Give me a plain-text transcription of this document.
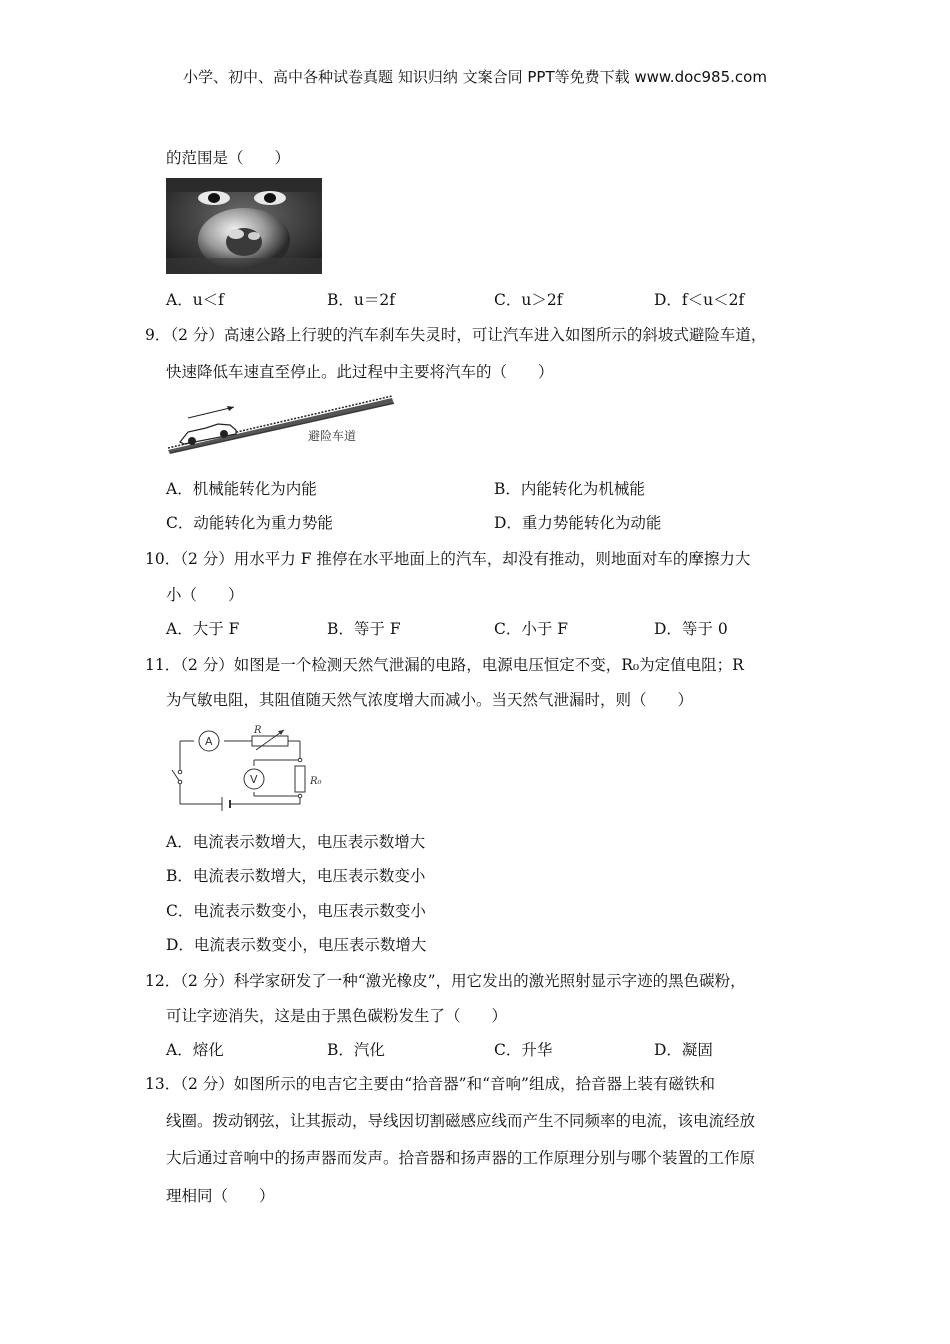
小学、初中、高中各种试卷真题 知识归纳 文案合同 PPT等免费下载 www.doc985.com
的范围是（　　）
A．u＜f	B．u＝2f	C．u＞2f	D．f＜u＜2f
9．（2 分）高速公路上行驶的汽车刹车失灵时，可让汽车进入如图所示的斜坡式避险车道，
快速降低车速直至停止。此过程中主要将汽车的（　　）
避险车道
A．机械能转化为内能	B．内能转化为机械能
C．动能转化为重力势能	D．重力势能转化为动能
10．（2 分）用水平力 F 推停在水平地面上的汽车，却没有推动，则地面对车的摩擦力大
小（　　）
A．大于 F	B．等于 F	C．小于 F	D．等于 0
11．（2 分）如图是一个检测天然气泄漏的电路，电源电压恒定不变，R₀为定值电阻；R
为气敏电阻，其阻值随天然气浓度增大而减小。当天然气泄漏时，则（　　）
A
V
R
R₀
A．电流表示数增大，电压表示数增大
B．电流表示数增大，电压表示数变小
C．电流表示数变小，电压表示数变小
D．电流表示数变小，电压表示数增大
12．（2 分）科学家研发了一种“激光橡皮”，用它发出的激光照射显示字迹的黑色碳粉，
可让字迹消失，这是由于黑色碳粉发生了（　　）
A．熔化	B．汽化	C．升华	D．凝固
13．（2 分）如图所示的电吉它主要由“拾音器”和“音响”组成，拾音器上装有磁铁和
线圈。拨动钢弦，让其振动，导线因切割磁感应线而产生不同频率的电流，该电流经放
大后通过音响中的扬声器而发声。拾音器和扬声器的工作原理分别与哪个装置的工作原
理相同（　　）
